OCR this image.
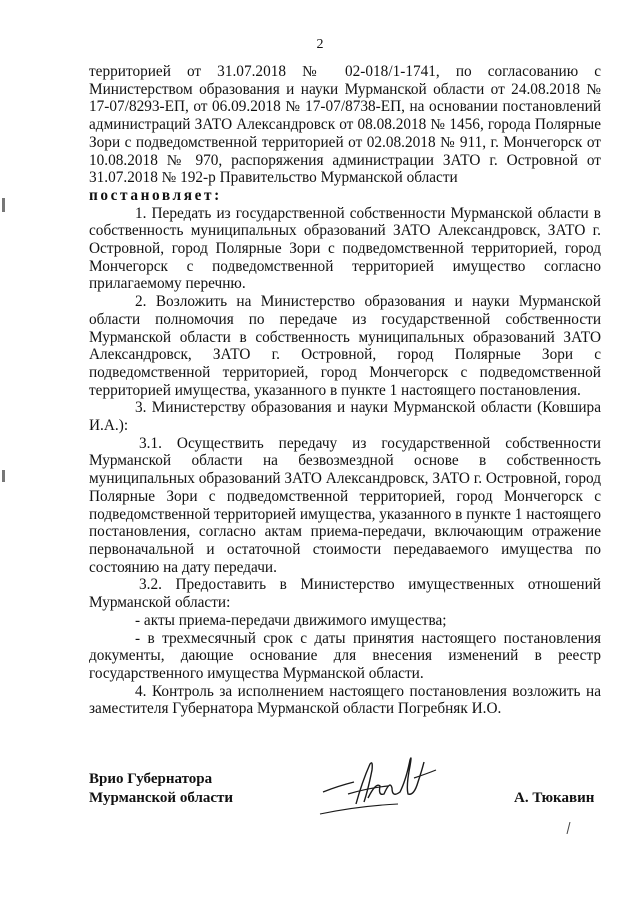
2

территорией от 31.07.2018 № 02-018/1-1741, по согласованию с Министерством образования и науки Мурманской области от 24.08.2018 № 17-07/8293-ЕП, от 06.09.2018 № 17-07/8738-ЕП, на основании постановлений администраций ЗАТО Александровск от 08.08.2018 № 1456, города Полярные Зори с подведомственной территорией от 02.08.2018 № 911, г. Мончегорск от 10.08.2018 № 970, распоряжения администрации ЗАТО г. Островной от 31.07.2018 № 192-р Правительство Мурманской области

постановляет:

1. Передать из государственной собственности Мурманской области в собственность муниципальных образований ЗАТО Александровск, ЗАТО г. Островной, город Полярные Зори с подведомственной территорией, город Мончегорск с подведомственной территорией имущество согласно прилагаемому перечню.

2. Возложить на Министерство образования и науки Мурманской области полномочия по передаче из государственной собственности Мурманской области в собственность муниципальных образований ЗАТО Александровск, ЗАТО г. Островной, город Полярные Зори с подведомственной территорией, город Мончегорск с подведомственной территорией имущества, указанного в пункте 1 настоящего постановления.

3. Министерству образования и науки Мурманской области (Ковшира И.А.):

3.1. Осуществить передачу из государственной собственности Мурманской области на безвозмездной основе в собственность муниципальных образований ЗАТО Александровск, ЗАТО г. Островной, город Полярные Зори с подведомственной территорией, город Мончегорск с подведомственной территорией имущества, указанного в пункте 1 настоящего постановления, согласно актам приема-передачи, включающим отражение первоначальной и остаточной стоимости передаваемого имущества по состоянию на дату передачи.

3.2. Предоставить в Министерство имущественных отношений Мурманской области:

- акты приема-передачи движимого имущества;

- в трехмесячный срок с даты принятия настоящего постановления документы, дающие основание для внесения изменений в реестр государственного имущества Мурманской области.

4. Контроль за исполнением настоящего постановления возложить на заместителя Губернатора Мурманской области Погребняк И.О.

Врио Губернатора
Мурманской области	А. Тюкавин
